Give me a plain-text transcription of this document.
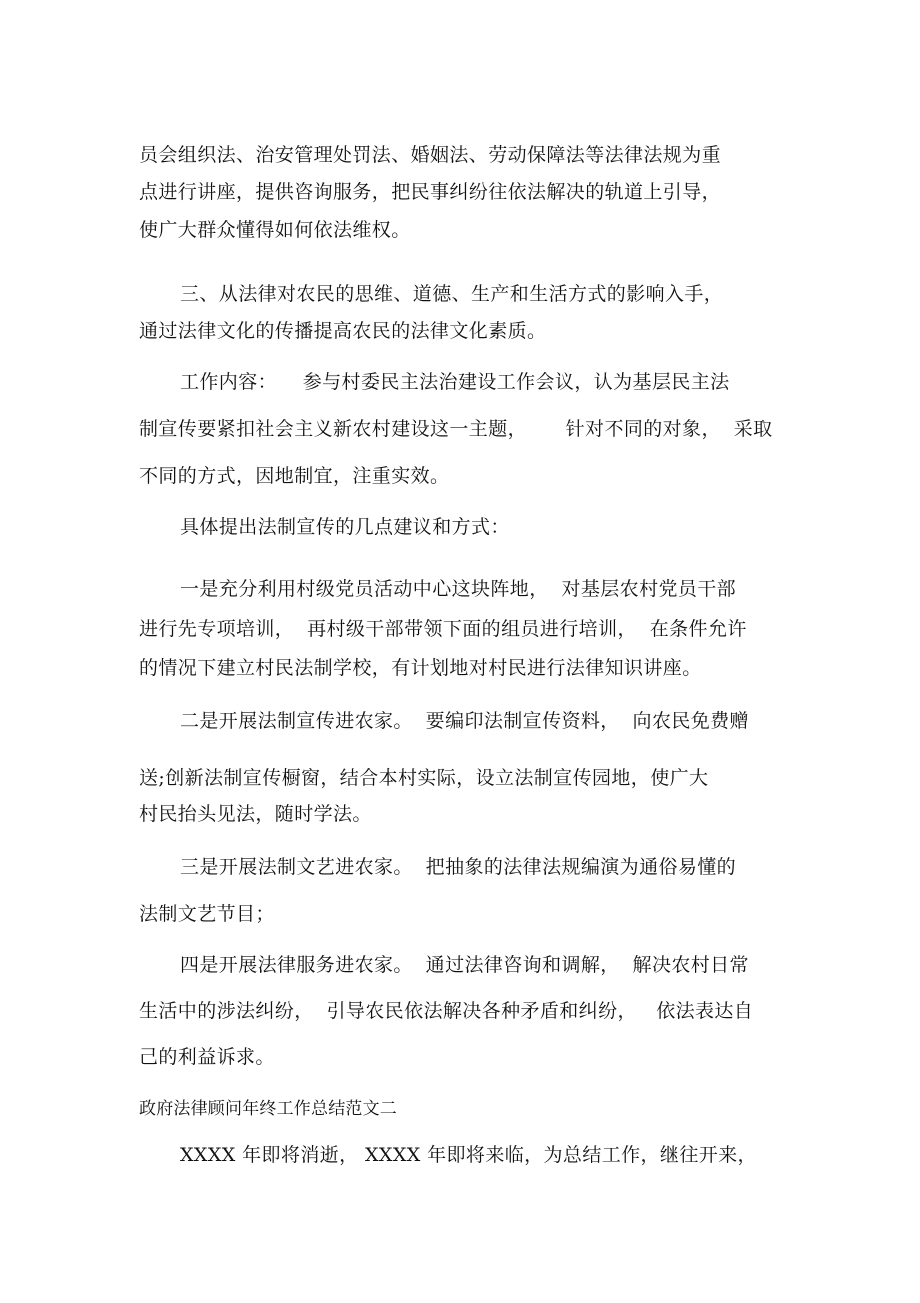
员会组织法、治安管理处罚法、婚姻法、劳动保障法等法律法规为重
点进行讲座，提供咨询服务，把民事纠纷往依法解决的轨道上引导，
使广大群众懂得如何依法维权。
三、从法律对农民的思维、道德、生产和生活方式的影响入手，
通过法律文化的传播提高农民的法律文化素质。
工作内容：    参与村委民主法治建设工作会议，认为基层民主法
制宣传要紧扣社会主义新农村建设这一主题，      针对不同的对象，  采取
不同的方式，因地制宜，注重实效。
具体提出法制宣传的几点建议和方式：
一是充分利用村级党员活动中心这块阵地，  对基层农村党员干部
进行先专项培训，  再村级干部带领下面的组员进行培训，  在条件允许
的情况下建立村民法制学校，有计划地对村民进行法律知识讲座。
二是开展法制宣传进农家。  要编印法制宣传资料，  向农民免费赠
送;创新法制宣传橱窗，结合本村实际，设立法制宣传园地，使广大
村民抬头见法，随时学法。
三是开展法制文艺进农家。  把抽象的法律法规编演为通俗易懂的
法制文艺节目；
四是开展法律服务进农家。  通过法律咨询和调解，  解决农村日常
生活中的涉法纠纷，  引导农民依法解决各种矛盾和纠纷，   依法表达自
己的利益诉求。
政府法律顾问年终工作总结范文二
XXXX 年即将消逝， XXXX 年即将来临，为总结工作，继往开来，
